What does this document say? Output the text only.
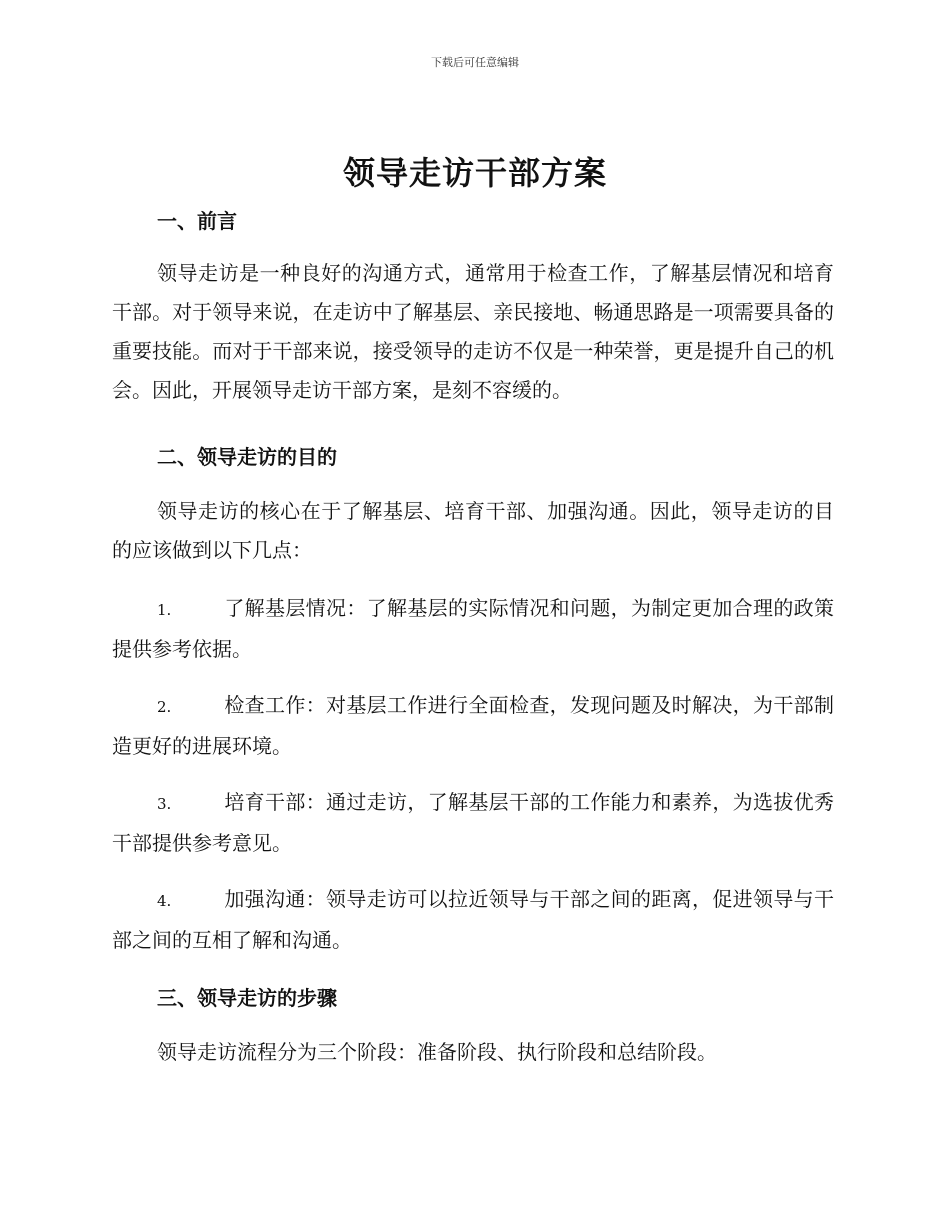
下载后可任意编辑
领导走访干部方案
一、前言

领导走访是一种良好的沟通方式，通常用于检查工作，了解基层情况和培育干部。对于领导来说，在走访中了解基层、亲民接地、畅通思路是一项需要具备的重要技能。而对于干部来说，接受领导的走访不仅是一种荣誉，更是提升自己的机会。因此，开展领导走访干部方案，是刻不容缓的。

二、领导走访的目的

领导走访的核心在于了解基层、培育干部、加强沟通。因此，领导走访的目的应该做到以下几点：

1.	了解基层情况：了解基层的实际情况和问题，为制定更加合理的政策提供参考依据。

2.	检查工作：对基层工作进行全面检查，发现问题及时解决，为干部制造更好的进展环境。

3.	培育干部：通过走访，了解基层干部的工作能力和素养，为选拔优秀干部提供参考意见。

4.	加强沟通：领导走访可以拉近领导与干部之间的距离，促进领导与干部之间的互相了解和沟通。

三、领导走访的步骤

领导走访流程分为三个阶段：准备阶段、执行阶段和总结阶段。
